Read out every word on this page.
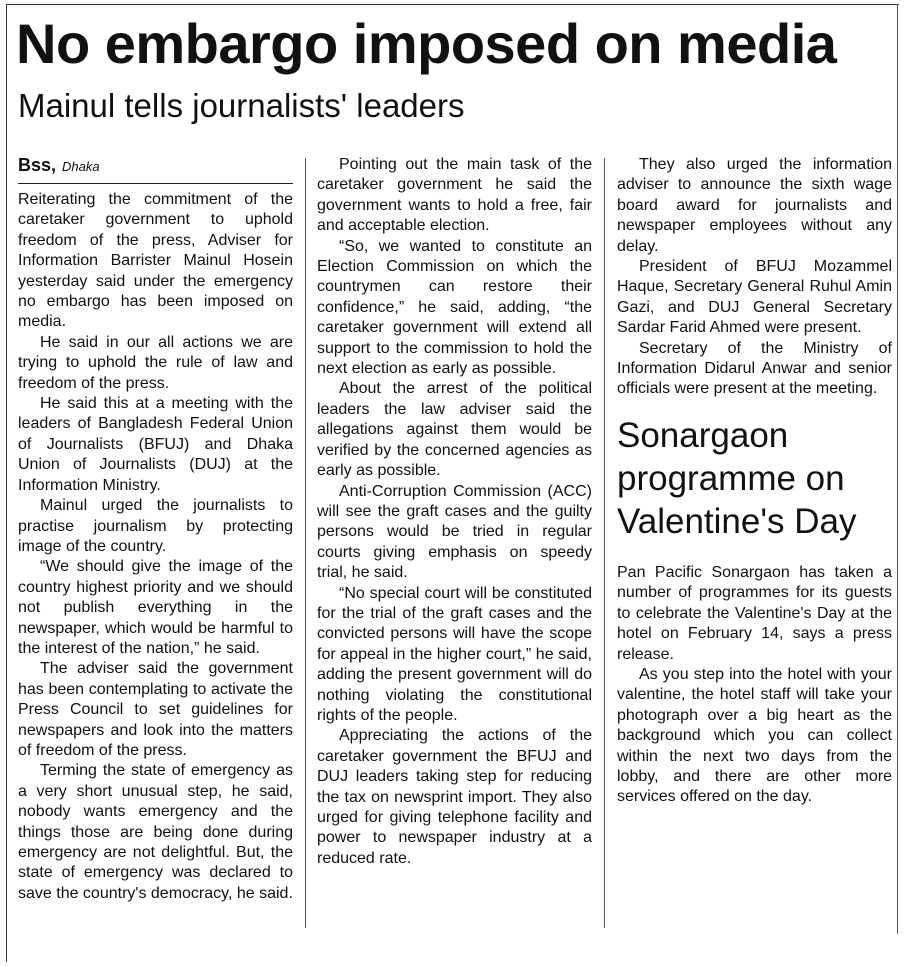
No embargo imposed on media
Mainul tells journalists' leaders
Bss, Dhaka

Reiterating the commitment of the caretaker government to uphold freedom of the press, Adviser for Information Barrister Mainul Hosein yesterday said under the emergency no embargo has been imposed on media.

He said in our all actions we are trying to uphold the rule of law and freedom of the press.

He said this at a meeting with the leaders of Bangladesh Federal Union of Journalists (BFUJ) and Dhaka Union of Journalists (DUJ) at the Information Ministry.

Mainul urged the journalists to practise journalism by protecting image of the country.

“We should give the image of the country highest priority and we should not publish everything in the newspaper, which would be harmful to the interest of the nation,” he said.

The adviser said the government has been contemplating to activate the Press Council to set guidelines for newspapers and look into the matters of freedom of the press.

Terming the state of emergency as a very short unusual step, he said, nobody wants emergency and the things those are being done during emergency are not delightful. But, the state of emergency was declared to save the country's democracy, he said.

Pointing out the main task of the caretaker government he said the government wants to hold a free, fair and acceptable election.

“So, we wanted to constitute an Election Commission on which the countrymen can restore their confidence,” he said, adding, “the caretaker government will extend all support to the commission to hold the next election as early as possible.

About the arrest of the political leaders the law adviser said the allegations against them would be verified by the concerned agencies as early as possible.

Anti-Corruption Commission (ACC) will see the graft cases and the guilty persons would be tried in regular courts giving emphasis on speedy trial, he said.

“No special court will be constituted for the trial of the graft cases and the convicted persons will have the scope for appeal in the higher court,” he said, adding the present government will do nothing violating the constitutional rights of the people.

Appreciating the actions of the caretaker government the BFUJ and DUJ leaders taking step for reducing the tax on newsprint import. They also urged for giving telephone facility and power to newspaper industry at a reduced rate.

They also urged the information adviser to announce the sixth wage board award for journalists and newspaper employees without any delay.

President of BFUJ Mozammel Haque, Secretary General Ruhul Amin Gazi, and DUJ General Secretary Sardar Farid Ahmed were present.

Secretary of the Ministry of Information Didarul Anwar and senior officials were present at the meeting.

Sonargaon programme on Valentine's Day

Pan Pacific Sonargaon has taken a number of programmes for its guests to celebrate the Valentine's Day at the hotel on February 14, says a press release.

As you step into the hotel with your valentine, the hotel staff will take your photograph over a big heart as the background which you can collect within the next two days from the lobby, and there are other more services offered on the day.
